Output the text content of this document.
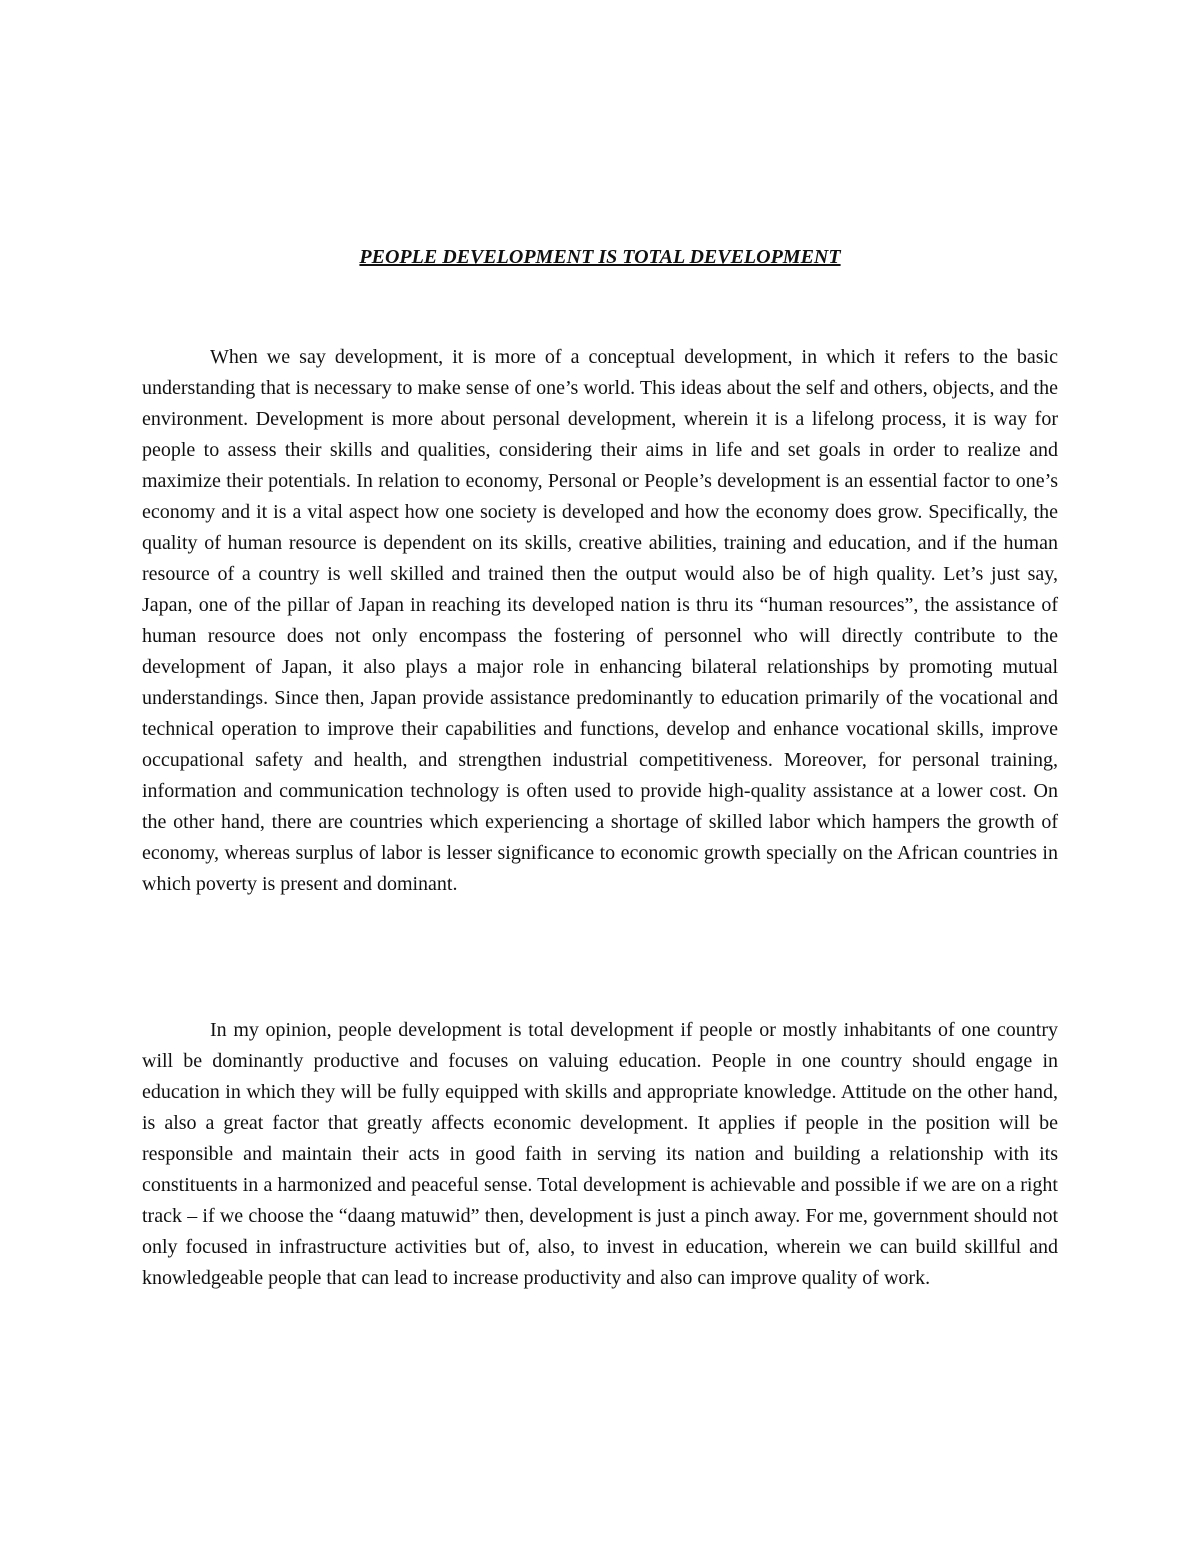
PEOPLE DEVELOPMENT IS TOTAL DEVELOPMENT

When we say development, it is more of a conceptual development, in which it refers to the basic understanding that is necessary to make sense of one’s world. This ideas about the self and others, objects, and the environment. Development is more about personal development, wherein it is a lifelong process, it is way for people to assess their skills and qualities, considering their aims in life and set goals in order to realize and maximize their potentials. In relation to economy, Personal or People’s development is an essential factor to one’s economy and it is a vital aspect how one society is developed and how the economy does grow. Specifically, the quality of human resource is dependent on its skills, creative abilities, training and education, and if the human resource of a country is well skilled and trained then the output would also be of high quality. Let’s just say, Japan, one of the pillar of Japan in reaching its developed nation is thru its “human resources”, the assistance of human resource does not only encompass the fostering of personnel who will directly contribute to the development of Japan, it also plays a major role in enhancing bilateral relationships by promoting mutual understandings. Since then, Japan provide assistance predominantly to education primarily of the vocational and technical operation to improve their capabilities and functions, develop and enhance vocational skills, improve occupational safety and health, and strengthen industrial competitiveness. Moreover, for personal training, information and communication technology is often used to provide high-quality assistance at a lower cost. On the other hand, there are countries which experiencing a shortage of skilled labor which hampers the growth of economy, whereas surplus of labor is lesser significance to economic growth specially on the African countries in which poverty is present and dominant.

In my opinion, people development is total development if people or mostly inhabitants of one country will be dominantly productive and focuses on valuing education. People in one country should engage in education in which they will be fully equipped with skills and appropriate knowledge. Attitude on the other hand, is also a great factor that greatly affects economic development. It applies if people in the position will be responsible and maintain their acts in good faith in serving its nation and building a relationship with its constituents in a harmonized and peaceful sense. Total development is achievable and possible if we are on a right track – if we choose the “daang matuwid” then, development is just a pinch away. For me, government should not only focused in infrastructure activities but of, also, to invest in education, wherein we can build skillful and knowledgeable people that can lead to increase productivity and also can improve quality of work.
